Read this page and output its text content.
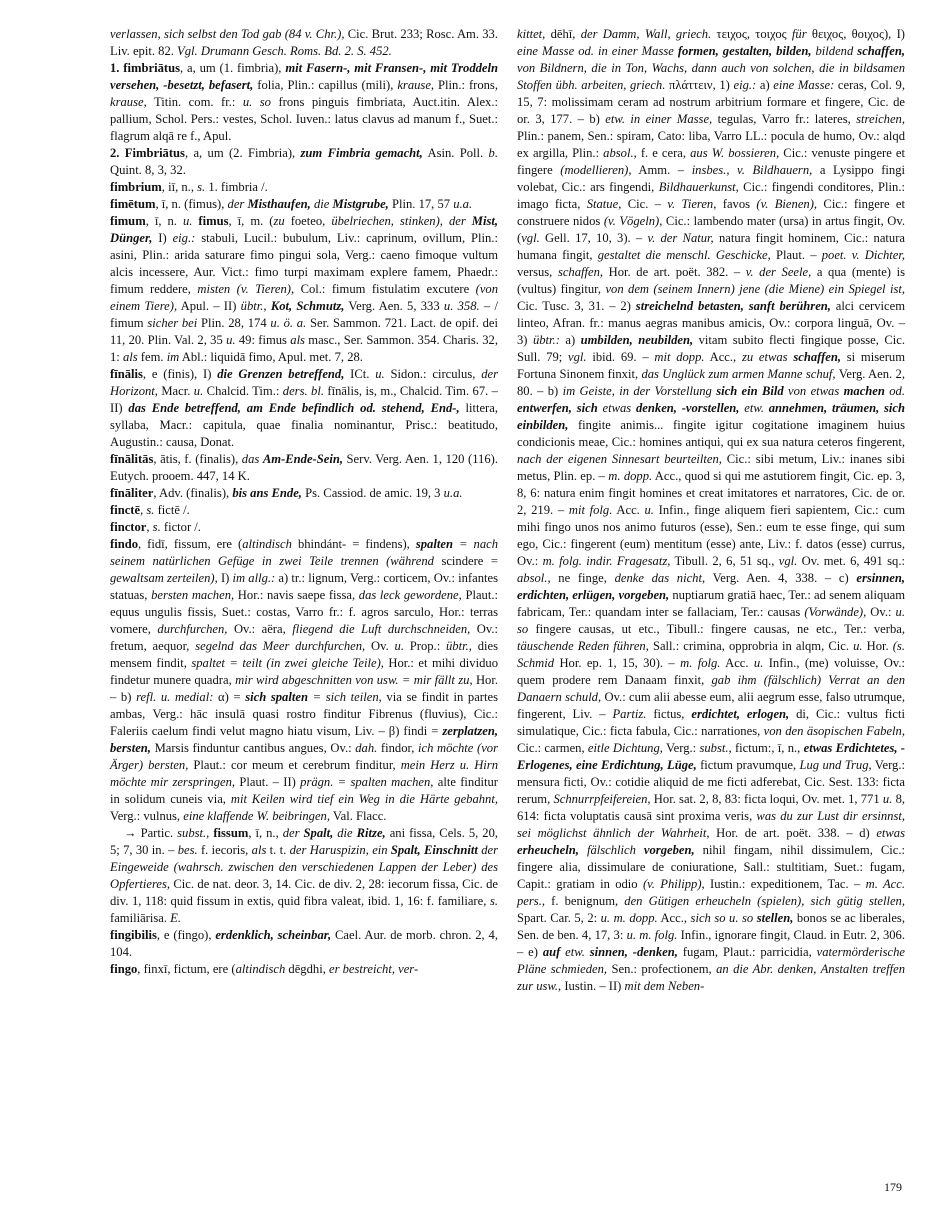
verlassen, sich selbst den Tod gab (84 v. Chr.), Cic. Brut. 233; Rosc. Am. 33. Liv. epit. 82. Vgl. Drumann Gesch. Roms. Bd. 2. S. 452.

1. fimbriātus, a, um (1. fimbria), mit Fasern-, mit Fransen-, mit Troddeln versehen, -besetzt, befasert, folia, Plin.: capillus (mili), krause, Plin.: frons, krause, Titin. com. fr.: u. so frons pinguis fimbriata, Auct.itin. Alex.: pallium, Schol. Pers.: vestes, Schol. Iuven.: latus clavus ad manum f., Suet.: flagrum alqā re f., Apul.

2. Fimbriātus, a, um (2. Fimbria), zum Fimbria gemacht, Asin. Poll. b. Quint. 8, 3, 32.

fimbrium, iī, n., s. 1. fimbria /.

fimētum, ī, n. (fimus), der Misthaufen, die Mistgrube, Plin. 17, 57 u.a.

fimum, ī, n. u. fimus, ī, m. (zu foeteo, übelriechen, stinken), der Mist, Dünger, I) eig.: stabuli, Lucil.: bubulum, Liv.: caprinum, ovillum, Plin.: asini, Plin.: arida saturare fimo pingui sola, Verg.: caeno fimoque vultum alcis incessere, Aur. Vict.: fimo turpi maximam explere famem, Phaedr.: fimum reddere, misten (v. Tieren), Col.: fimum fistulatim excutere (von einem Tiere), Apul. – II) übtr., Kot, Schmutz, Verg. Aen. 5, 333 u. 358. – / fimum sicher bei Plin. 28, 174 u. ö. a. Ser. Sammon. 721. Lact. de opif. dei 11, 20. Plin. Val. 2, 35 u. 49: fimus als masc., Ser. Sammon. 354. Charis. 32, 1: als fem. im Abl.: liquidā fimo, Apul. met. 7, 28.

fīnālis, e (finis), I) die Grenzen betreffend, ICt. u. Sidon.: circulus, der Horizont, Macr. u. Chalcid. Tim.: ders. bl. fīnālis, is, m., Chalcid. Tim. 67. – II) das Ende betreffend, am Ende befindlich od. stehend, End-, littera, syllaba, Macr.: capitula, quae finalia nominantur, Prisc.: beatitudo, Augustin.: causa, Donat.

fīnālitās, ātis, f. (finalis), das Am-Ende-Sein, Serv. Verg. Aen. 1, 120 (116). Eutych. prooem. 447, 14 K.

fīnāliter, Adv. (finalis), bis ans Ende, Ps. Cassiod. de amic. 19, 3 u.a.

finctē, s. fictē /.

finctor, s. fictor /.

findo, fidī, fissum, ere (altindisch bhindánt- = findens), spalten = nach seinem natürlichen Gefüge in zwei Teile trennen (während scindere = gewaltsam zerteilen), I) im allg.: a) tr.: lignum, Verg.: corticem, Ov.: infantes statuas, bersten machen, Hor.: navis saepe fissa, das leck gewordene, Plaut.: equus ungulis fissis, Suet.: costas, Varro fr.: f. agros sarculo, Hor.: terras vomere, durchfurchen, Ov.: aëra, fliegend die Luft durchschneiden, Ov.: fretum, aequor, segelnd das Meer durchfurchen, Ov. u. Prop.: übtr., dies mensem findit, spaltet = teilt (in zwei gleiche Teile), Hor.: et mihi dividuo findetur munere quadra, mir wird abgeschnitten von usw. = mir fällt zu, Hor. – b) refl. u. medial: α) = sich spalten = sich teilen, via se findit in partes ambas, Verg.: hāc insulā quasi rostro finditur Fibrenus (fluvius), Cic.: Faleriis caelum findi velut magno hiatu visum, Liv. – β) findi = zerplatzen, bersten, Marsis finduntur cantibus angues, Ov.: dah. findor, ich möchte (vor Ärger) bersten, Plaut.: cor meum et cerebrum finditur, mein Herz u. Hirn möchte mir zerspringen, Plaut. – II) prägn. = spalten machen, alte finditur in solidum cuneis via, mit Keilen wird tief ein Weg in die Härte gebahnt, Verg.: vulnus, eine klaffende W. beibringen, Val. Flacc.

→ Partic. subst., fissum, ī, n., der Spalt, die Ritze, ani fissa, Cels. 5, 20, 5; 7, 30 in. – bes. f. iecoris, als t. t. der Haruspizin, ein Spalt, Einschnitt der Eingeweide (wahrsch. zwischen den verschiedenen Lappen der Leber) des Opfertieres, Cic. de nat. deor. 3, 14. Cic. de div. 2, 28: iecorum fissa, Cic. de div. 1, 118: quid fissum in extis, quid fibra valeat, ibid. 1, 16: f. familiare, s. familiārisa. E.

fingibilis, e (fingo), erdenklich, scheinbar, Cael. Aur. de morb. chron. 2, 4, 104.

fingo, finxī, fictum, ere (altindisch dēgdhi, er bestreicht, ver-

kittet, dēhī, der Damm, Wall, griech. τειχος, τοιχος für θειχος, θοιχος), I) eine Masse od. in einer Masse formen, gestalten, bilden, bildend schaffen, von Bildnern, die in Ton, Wachs, dann auch von solchen, die in bildsamen Stoffen übh. arbeiten, griech. πλάττειν, 1) eig.: a) eine Masse: ceras, Col. 9, 15, 7: molissimam ceram ad nostrum arbitrium formare et fingere, Cic. de or. 3, 177. – b) etw. in einer Masse, tegulas, Varro fr.: lateres, streichen, Plin.: panem, Sen.: spiram, Cato: liba, Varro LL.: pocula de humo, Ov.: alqd ex argilla, Plin.: absol., f. e cera, aus W. bossieren, Cic.: venuste pingere et fingere (modellieren), Amm. – insbes., v. Bildhauern, a Lysippo fingi volebat, Cic.: ars fingendi, Bildhauerkunst, Cic.: fingendi conditores, Plin.: imago ficta, Statue, Cic. – v. Tieren, favos (v. Bienen), Cic.: fingere et construere nidos (v. Vögeln), Cic.: lambendo mater (ursa) in artus fingit, Ov. (vgl. Gell. 17, 10, 3). – v. der Natur, natura fingit hominem, Cic.: natura humana fingit, gestaltet die menschl. Geschicke, Plaut. – poet. v. Dichter, versus, schaffen, Hor. de art. poët. 382. – v. der Seele, a qua (mente) is (vultus) fingitur, von dem (seinem Innern) jene (die Miene) ein Spiegel ist, Cic. Tusc. 3, 31. – 2) streichelnd betasten, sanft berühren, alci cervicem linteo, Afran. fr.: manus aegras manibus amicis, Ov.: corpora linguā, Ov. – 3) übtr.: a) umbilden, neubilden, vitam subito flecti fingique posse, Cic. Sull. 79; vgl. ibid. 69. – mit dopp. Acc., zu etwas schaffen, si miserum Fortuna Sinonem finxit, das Unglück zum armen Manne schuf, Verg. Aen. 2, 80. – b) im Geiste, in der Vorstellung sich ein Bild von etwas machen od. entwerfen, sich etwas denken, -vorstellen, etw. annehmen, träumen, sich einbilden, fingite animis... fingite igitur cogitatione imaginem huius condicionis meae, Cic.: homines antiqui, qui ex sua natura ceteros fingerent, nach der eigenen Sinnesart beurteilten, Cic.: sibi metum, Liv.: inanes sibi metus, Plin. ep. – m. dopp. Acc., quod si qui me astutiorem fingit, Cic. ep. 3, 8, 6: natura enim fingit homines et creat imitatores et narratores, Cic. de or. 2, 219. – mit folg. Acc. u. Infin., finge aliquem fieri sapientem, Cic.: cum mihi fingo unos nos animo futuros (esse), Sen.: eum te esse finge, qui sum ego, Cic.: fingerent (eum) mentitum (esse) ante, Liv.: f. datos (esse) currus, Ov.: m. folg. indir. Fragesatz, Tibull. 2, 6, 51 sq., vgl. Ov. met. 6, 491 sq.: absol., ne finge, denke das nicht, Verg. Aen. 4, 338. – c) ersinnen, erdichten, erlügen, vorgeben, nuptiarum gratiā haec, Ter.: ad senem aliquam fabricam, Ter.: quandam inter se fallaciam, Ter.: causas (Vorwände), Ov.: u. so fingere causas, ut etc., Tibull.: fingere causas, ne etc., Ter.: verba, täuschende Reden führen, Sall.: crimina, opprobria in alqm, Cic. u. Hor. (s. Schmid Hor. ep. 1, 15, 30). – m. folg. Acc. u. Infin., (me) voluisse, Ov.: quem prodere rem Danaam finxit, gab ihm (fälschlich) Verrat an den Danaern schuld, Ov.: cum alii abesse eum, alii aegrum esse, falso utrumque, fingerent, Liv. – Partiz. fictus, erdichtet, erlogen, di, Cic.: vultus ficti simulatique, Cic.: ficta fabula, Cic.: narrationes, von den äsopischen Fabeln, Cic.: carmen, eitle Dichtung, Verg.: subst., fictum:, ī, n., etwas Erdichtetes, -Erlogenes, eine Erdichtung, Lüge, fictum pravumque, Lug und Trug, Verg.: mensura ficti, Ov.: cotidie aliquid de me ficti adferebat, Cic. Sest. 133: ficta rerum, Schnurrpfeifereien, Hor. sat. 2, 8, 83: ficta loqui, Ov. met. 1, 771 u. 8, 614: ficta voluptatis causā sint proxima veris, was du zur Lust dir ersinnst, sei möglichst ähnlich der Wahrheit, Hor. de art. poët. 338. – d) etwas erheucheln, fälschlich vorgeben, nihil fingam, nihil dissimulem, Cic.: fingere alia, dissimulare de coniuratione, Sall.: stultitiam, Suet.: fugam, Capit.: gratiam in odio (v. Philipp), Iustin.: expeditionem, Tac. – m. Acc. pers., f. benignum, den Gütigen erheucheln (spielen), sich gütig stellen, Spart. Car. 5, 2: u. m. dopp. Acc., sich so u. so stellen, bonos se ac liberales, Sen. de ben. 4, 17, 3: u. m. folg. Infin., ignorare fingit, Claud. in Eutr. 2, 306. – e) auf etw. sinnen, -denken, fugam, Plaut.: parricidia, vatermörderische Pläne schmieden, Sen.: profectionem, an die Abr. denken, Anstalten treffen zur usw., Iustin. – II) mit dem Neben-

179
